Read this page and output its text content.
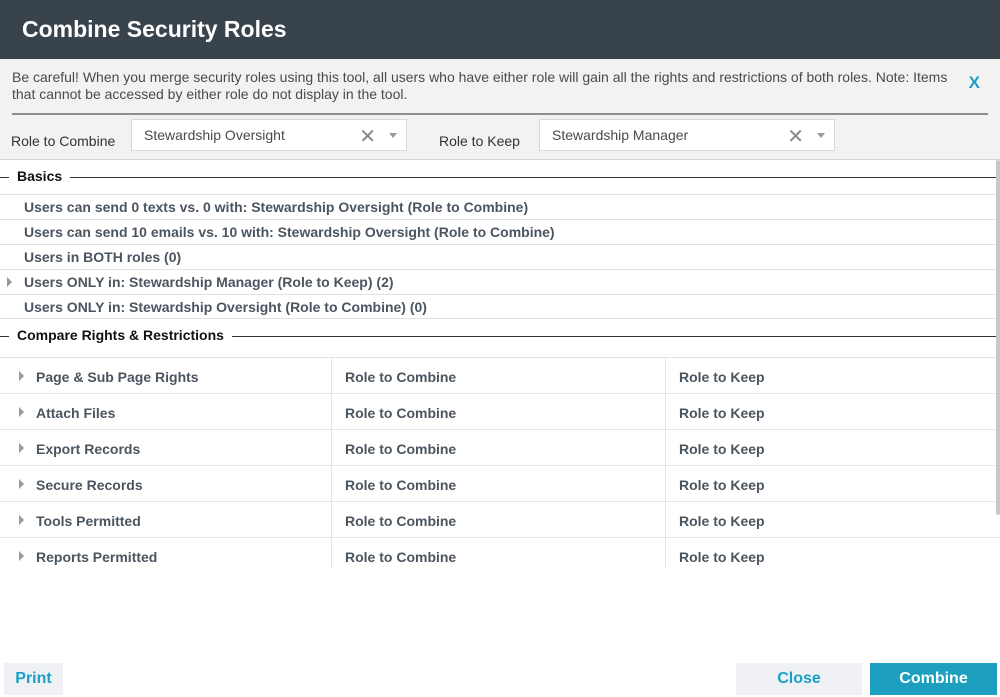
Combine Security Roles
Be careful! When you merge security roles using this tool, all users who have either role will gain all the rights and restrictions of both roles. Note: Items that cannot be accessed by either role do not display in the tool.
X
Role to Combine Stewardship Oversight	✕	Role to Keep Stewardship Manager	✕
Basics
Users can send 0 texts vs. 0 with: Stewardship Oversight (Role to Combine)
Users can send 10 emails vs. 10 with: Stewardship Oversight (Role to Combine)
Users in BOTH roles (0)
Users ONLY in: Stewardship Manager (Role to Keep) (2)
Users ONLY in: Stewardship Oversight (Role to Combine) (0)
Compare Rights & Restrictions
Page & Sub Page Rights	Role to Combine	Role to Keep
Attach Files	Role to Combine	Role to Keep
Export Records	Role to Combine	Role to Keep
Secure Records	Role to Combine	Role to Keep
Tools Permitted	Role to Combine	Role to Keep
Reports Permitted	Role to Combine	Role to Keep
Print	Close	Combine
